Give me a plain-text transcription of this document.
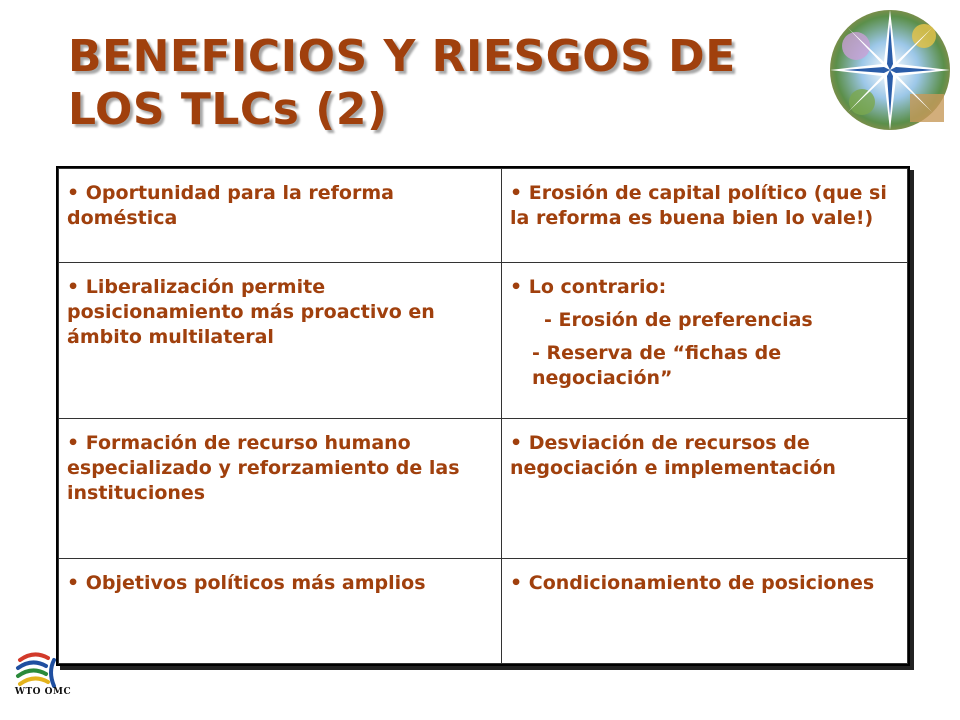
BENEFICIOS Y RIESGOS DE
LOS TLCs (2)
• Oportunidad para la reforma doméstica	• Erosión de capital político (que si la reforma es buena bien lo vale!)
• Liberalización permite posicionamiento más proactivo en ámbito multilateral	• Lo contrario:
- Erosión de preferencias
- Reserva de “fichas de negociación”

• Formación de recurso humano especializado y reforzamiento de las instituciones	• Desviación de recursos de negociación e implementación
• Objetivos políticos más amplios	• Condicionamiento de posiciones
WTO OMC
